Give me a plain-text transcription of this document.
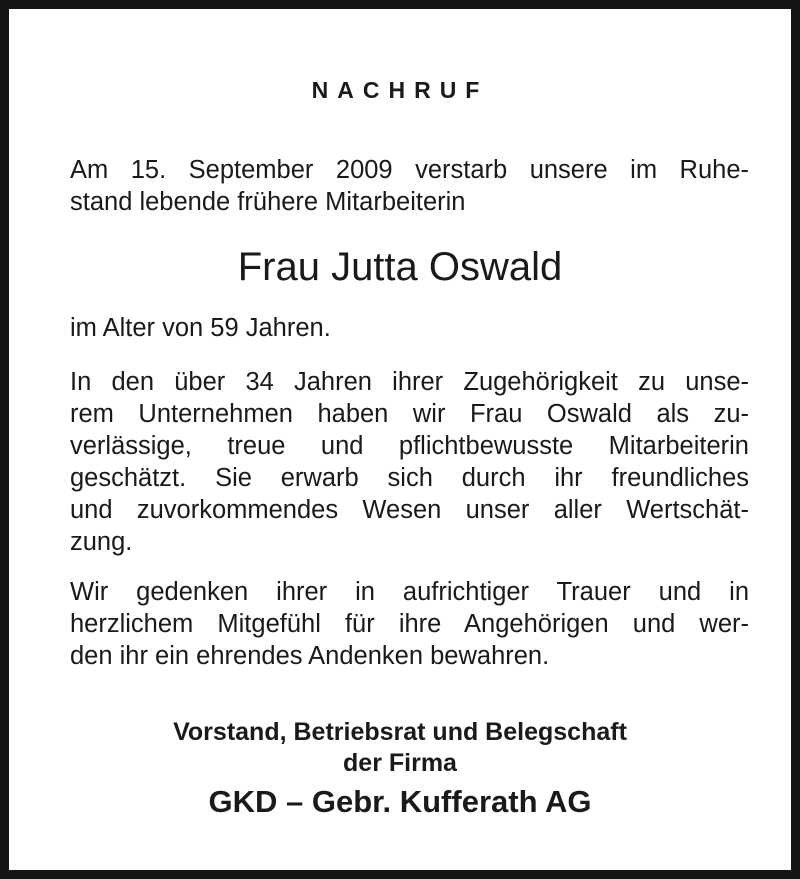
NACHRUF

Am 15. September 2009 verstarb unsere im Ruhe-
stand lebende frühere Mitarbeiterin

Frau Jutta Oswald

im Alter von 59 Jahren.

In den über 34 Jahren ihrer Zugehörigkeit zu unse-
rem Unternehmen haben wir Frau Oswald als zu-
verlässige, treue und pflichtbewusste Mitarbeiterin
geschätzt. Sie erwarb sich durch ihr freundliches
und zuvorkommendes Wesen unser aller Wertschät-
zung.

Wir gedenken ihrer in aufrichtiger Trauer und in
herzlichem Mitgefühl für ihre Angehörigen und wer-
den ihr ein ehrendes Andenken bewahren.

Vorstand, Betriebsrat und Belegschaft
der Firma
GKD – Gebr. Kufferath AG
